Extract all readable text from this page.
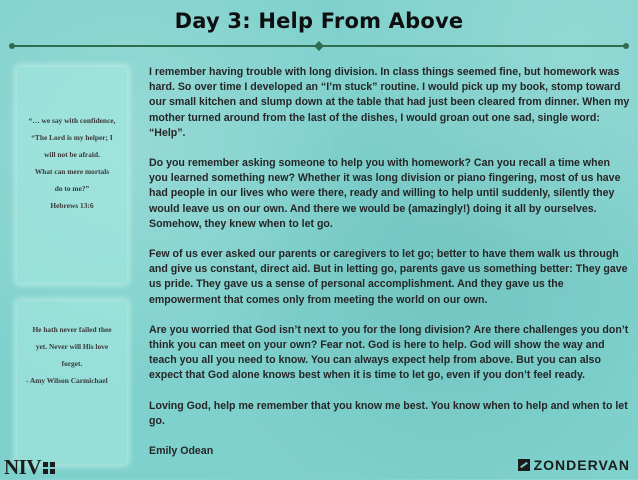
Day 3: Help From Above
“… we say with confidence,
“The Lord is my helper; I
will not be afraid.
What can mere mortals
do to me?”
Hebrews 13:6
He hath never failed thee
yet. Never will His love
forget.
- Amy Wilson Carmichael

I remember having trouble with long division. In class things seemed fine, but homework was hard. So over time I developed an “I’m stuck” routine. I would pick up my book, stomp toward our small kitchen and slump down at the table that had just been cleared from dinner. When my mother turned around from the last of the dishes, I would groan out one sad, single word: “Help”.

Do you remember asking someone to help you with homework? Can you recall a time when you learned something new? Whether it was long division or piano fingering, most of us have had people in our lives who were there, ready and willing to help until suddenly, silently they would leave us on our own. And there we would be (amazingly!) doing it all by ourselves. Somehow, they knew when to let go.

Few of us ever asked our parents or caregivers to let go; better to have them walk us through and give us constant, direct aid. But in letting go, parents gave us something better: They gave us pride. They gave us a sense of personal accomplishment. And they gave us the empowerment that comes only from meeting the world on our own.

Are you worried that God isn’t next to you for the long division? Are there challenges you don’t think you can meet on your own? Fear not. God is here to help. God will show the way and teach you all you need to know. You can always expect help from above. But you can also expect that God alone knows best when it is time to let go, even if you don’t feel ready.

Loving God, help me remember that you know me best. You know when to help and when to let go.

Emily Odean

NIV	ZONDERVAN
